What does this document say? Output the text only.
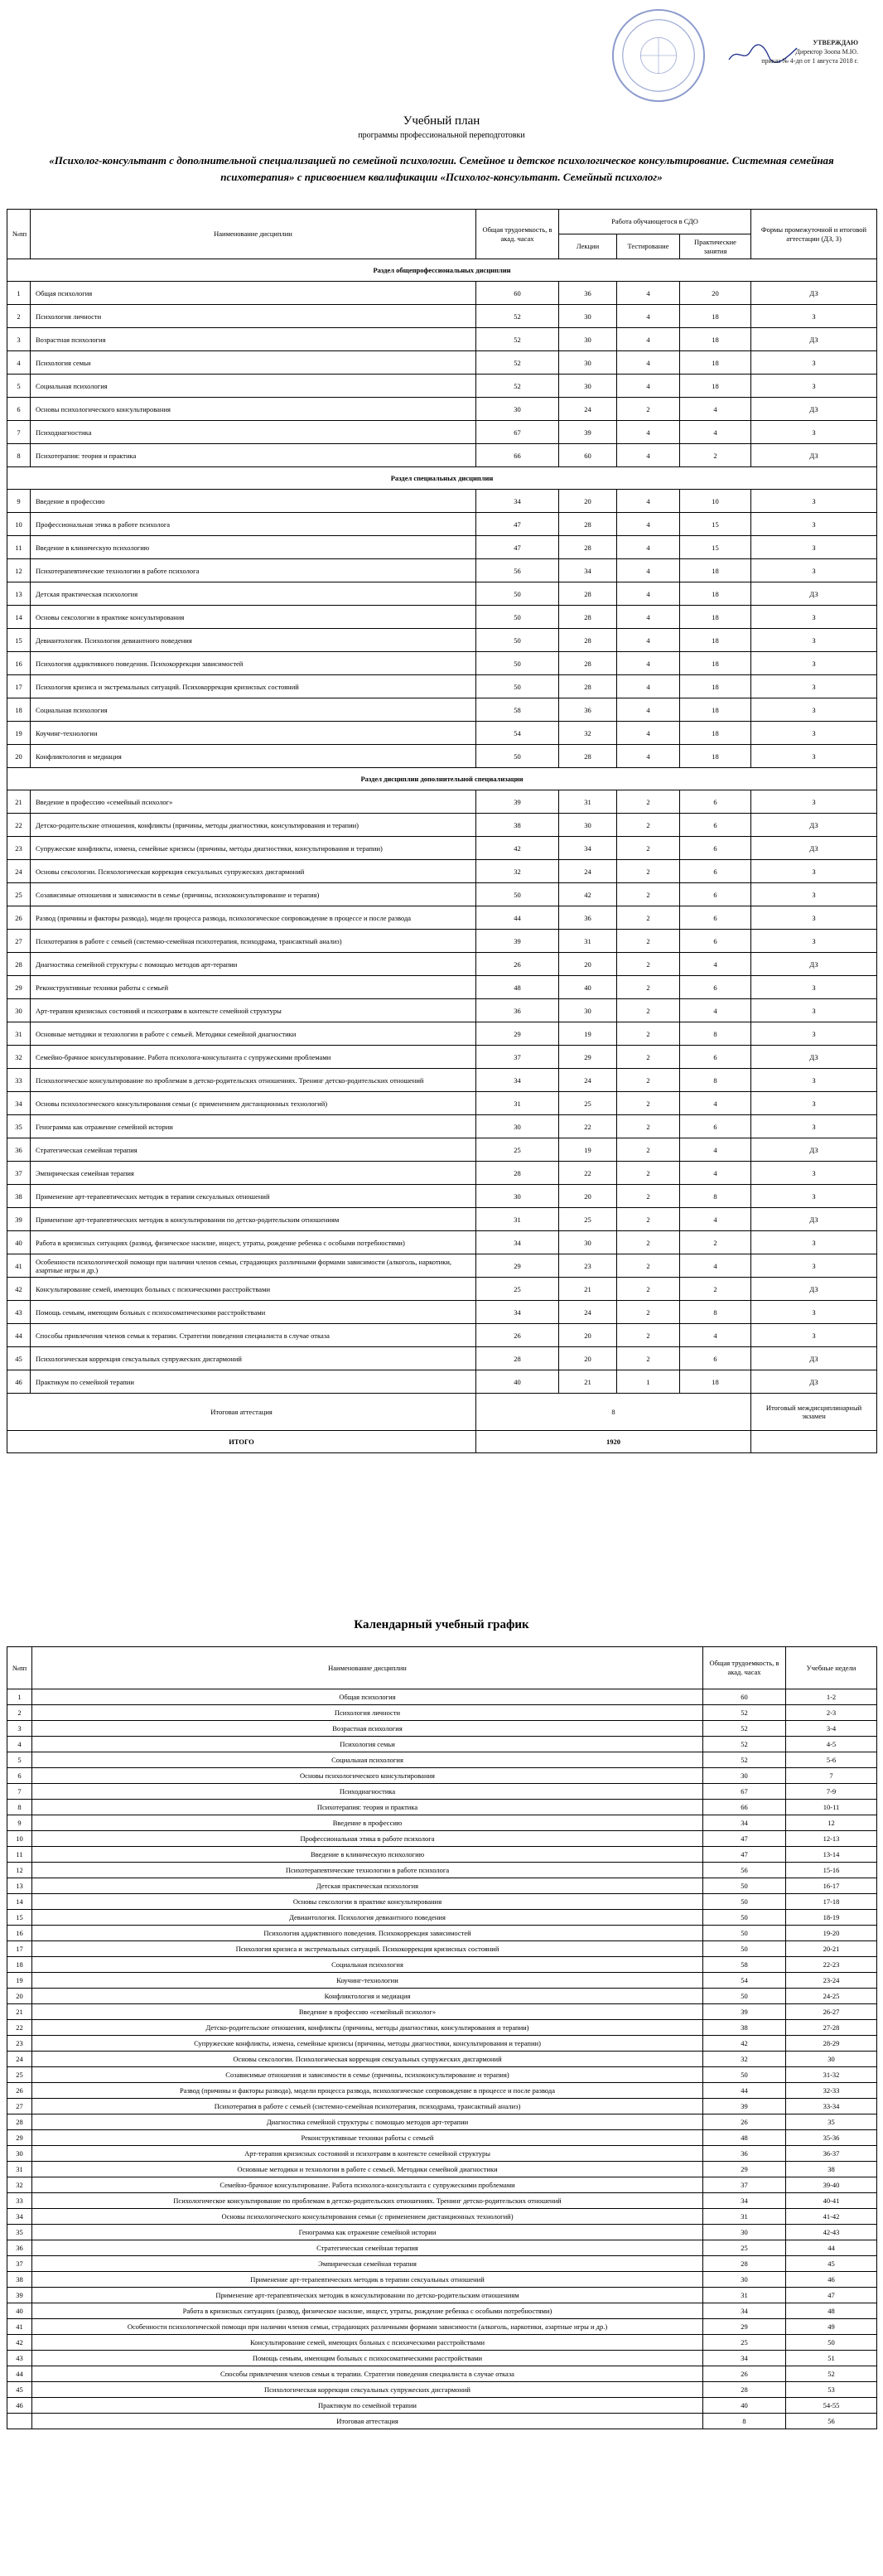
УТВЕРЖДАЮ
Директор Зоопа М.Ю.
приказ № 4-дп от 1 августа 2018 г.
Учебный план
программы профессиональной переподготовки
«Психолог-консультант с дополнительной специализацией по семейной психологии. Семейное и детское психологическое консультирование. Системная семейная психотерапия» с присвоением квалификации «Психолог-консультант. Семейный психолог»
№пп	Наименование дисциплин	Общая трудоемкость, в акад. часах	Работа обучающегося в СДО			Формы промежуточной и итоговой аттестации (ДЗ, З)
			Лекции	Тестирование	Практические занятия	
Раздел общепрофессиональных дисциплин						
1	Общая психология	60	36	4	20	ДЗ
2	Психология личности	52	30	4	18	З
3	Возрастная психология	52	30	4	18	ДЗ
4	Психология семьи	52	30	4	18	З
5	Социальная психология	52	30	4	18	З
6	Основы психологического консультирования	30	24	2	4	ДЗ
7	Психодиагностика	67	39	4	4	З
8	Психотерапия: теория и практика	66	60	4	2	ДЗ
Раздел специальных дисциплин						
9	Введение в профессию	34	20	4	10	З
10	Профессиональная этика в работе психолога	47	28	4	15	З
11	Введение в клиническую психологию	47	28	4	15	З
12	Психотерапевтические технологии в работе психолога	56	34	4	18	З
13	Детская практическая психология	50	28	4	18	ДЗ
14	Основы сексологии в практике консультирования	50	28	4	18	З
15	Девиантология. Психология девиантного поведения	50	28	4	18	З
16	Психология аддиктивного поведения. Психокоррекция зависимостей	50	28	4	18	З
17	Психология кризиса и экстремальных ситуаций. Психокоррекция кризисных состояний	50	28	4	18	З
18	Социальная психология	58	36	4	18	З
19	Коучинг-технологии	54	32	4	18	З
20	Конфликтология и медиация	50	28	4	18	З
Раздел дисциплин дополнительной специализации						
21	Введение в профессию «семейный психолог»	39	31	2	6	З
22	Детско-родительские отношения, конфликты (причины, методы диагностики, консультирования и терапии)	38	30	2	6	ДЗ
23	Супружеские конфликты, измена, семейные кризисы (причины, методы диагностики, консультирования и терапии)	42	34	2	6	ДЗ
24	Основы сексологии. Психологическая коррекция сексуальных супружеских дисгармоний	32	24	2	6	З
25	Созависимые отношения и зависимости в семье (причины, психоконсультирование и терапия)	50	42	2	6	З
26	Развод (причины и факторы развода), модели процесса развода, психологическое сопровождение в процессе и после развода	44	36	2	6	З
27	Психотерапия в работе с семьей (системно-семейная психотерапия, психодрама, трансактный анализ)	39	31	2	6	З
28	Диагностика семейной структуры с помощью методов арт-терапии	26	20	2	4	ДЗ
29	Реконструктивные техники работы с семьей	48	40	2	6	З
30	Арт-терапия кризисных состояний и психотравм в контексте семейной структуры	36	30	2	4	З
31	Основные методики и технологии в работе с семьей. Методики семейной диагностики	29	19	2	8	З
32	Семейно-брачное консультирование. Работа психолога-консультанта с супружескими проблемами	37	29	2	6	ДЗ
33	Психологическое консультирование по проблемам в детско-родительских отношениях. Тренинг детско-родительских отношений	34	24	2	8	З
34	Основы психологического консультирования семьи (с применением дистанционных технологий)	31	25	2	4	З
35	Генограмма как отражение семейной истории	30	22	2	6	З
36	Стратегическая семейная терапия	25	19	2	4	ДЗ
37	Эмпирическая семейная терапия	28	22	2	4	З
38	Применение арт-терапевтических методик в терапии сексуальных отношений	30	20	2	8	З
39	Применение арт-терапевтических методик в консультировании по детско-родительским отношениям	31	25	2	4	ДЗ
40	Работа в кризисных ситуациях (развод, физическое насилие, инцест, утраты, рождение ребенка с особыми потребностями)	34	30	2	2	З
41	Особенности психологической помощи при наличии членов семьи, страдающих различными формами зависимости (алкоголь, наркотики, азартные игры и др.)	29	23	2	4	З
42	Консультирование семей, имеющих больных с психическими расстройствами	25	21	2	2	ДЗ
43	Помощь семьям, имеющим больных с психосоматическими расстройствами	34	24	2	8	З
44	Способы привлечения членов семьи к терапии. Стратегии поведения специалиста в случае отказа	26	20	2	4	З
45	Психологическая коррекция сексуальных супружеских дисгармоний	28	20	2	6	ДЗ
46	Практикум по семейной терапии	40	21	1	18	ДЗ
Итоговая аттестация		8				Итоговый междисциплинарный экзамен
ИТОГО		1920				
Календарный учебный график
№пп	Наименование дисциплин	Общая трудоемкость, в акад. часах	Учебные недели
1	Общая психология	60	1-2
2	Психология личности	52	2-3
3	Возрастная психология	52	3-4
4	Психология семьи	52	4-5
5	Социальная психология	52	5-6
6	Основы психологического консультирования	30	7
7	Психодиагностика	67	7-9
8	Психотерапия: теория и практика	66	10-11
9	Введение в профессию	34	12
10	Профессиональная этика в работе психолога	47	12-13
11	Введение в клиническую психологию	47	13-14
12	Психотерапевтические технологии в работе психолога	56	15-16
13	Детская практическая психология	50	16-17
14	Основы сексологии в практике консультирования	50	17-18
15	Девиантология. Психология девиантного поведения	50	18-19
16	Психология аддиктивного поведения. Психокоррекция зависимостей	50	19-20
17	Психология кризиса и экстремальных ситуаций. Психокоррекция кризисных состояний	50	20-21
18	Социальная психология	58	22-23
19	Коучинг-технологии	54	23-24
20	Конфликтология и медиация	50	24-25
21	Введение в профессию «семейный психолог»	39	26-27
22	Детско-родительские отношения, конфликты (причины, методы диагностики, консультирования и терапии)	38	27-28
23	Супружеские конфликты, измена, семейные кризисы (причины, методы диагностики, консультирования и терапии)	42	28-29
24	Основы сексологии. Психологическая коррекция сексуальных супружеских дисгармоний	32	30
25	Созависимые отношения и зависимости в семье (причины, психоконсультирование и терапия)	50	31-32
26	Развод (причины и факторы развода), модели процесса развода, психологическое сопровождение в процессе и после развода	44	32-33
27	Психотерапия в работе с семьей (системно-семейная психотерапия, психодрама, трансактный анализ)	39	33-34
28	Диагностика семейной структуры с помощью методов арт-терапии	26	35
29	Реконструктивные техники работы с семьей	48	35-36
30	Арт-терапия кризисных состояний и психотравм в контексте семейной структуры	36	36-37
31	Основные методики и технологии в работе с семьей. Методики семейной диагностики	29	38
32	Семейно-брачное консультирование. Работа психолога-консультанта с супружескими проблемами	37	39-40
33	Психологическое консультирование по проблемам в детско-родительских отношениях. Тренинг детско-родительских отношений	34	40-41
34	Основы психологического консультирования семьи (с применением дистанционных технологий)	31	41-42
35	Генограмма как отражение семейной истории	30	42-43
36	Стратегическая семейная терапия	25	44
37	Эмпирическая семейная терапия	28	45
38	Применение арт-терапевтических методик в терапии сексуальных отношений	30	46
39	Применение арт-терапевтических методик в консультировании по детско-родительским отношениям	31	47
40	Работа в кризисных ситуациях (развод, физическое насилие, инцест, утраты, рождение ребенка с особыми потребностями)	34	48
41	Особенности психологической помощи при наличии членов семьи, страдающих различными формами зависимости (алкоголь, наркотики, азартные игры и др.)	29	49
42	Консультирование семей, имеющих больных с психическими расстройствами	25	50
43	Помощь семьям, имеющим больных с психосоматическими расстройствами	34	51
44	Способы привлечения членов семьи к терапии. Стратегии поведения специалиста в случае отказа	26	52
45	Психологическая коррекция сексуальных супружеских дисгармоний	28	53
46	Практикум по семейной терапии	40	54-55
	Итоговая аттестация	8	56
